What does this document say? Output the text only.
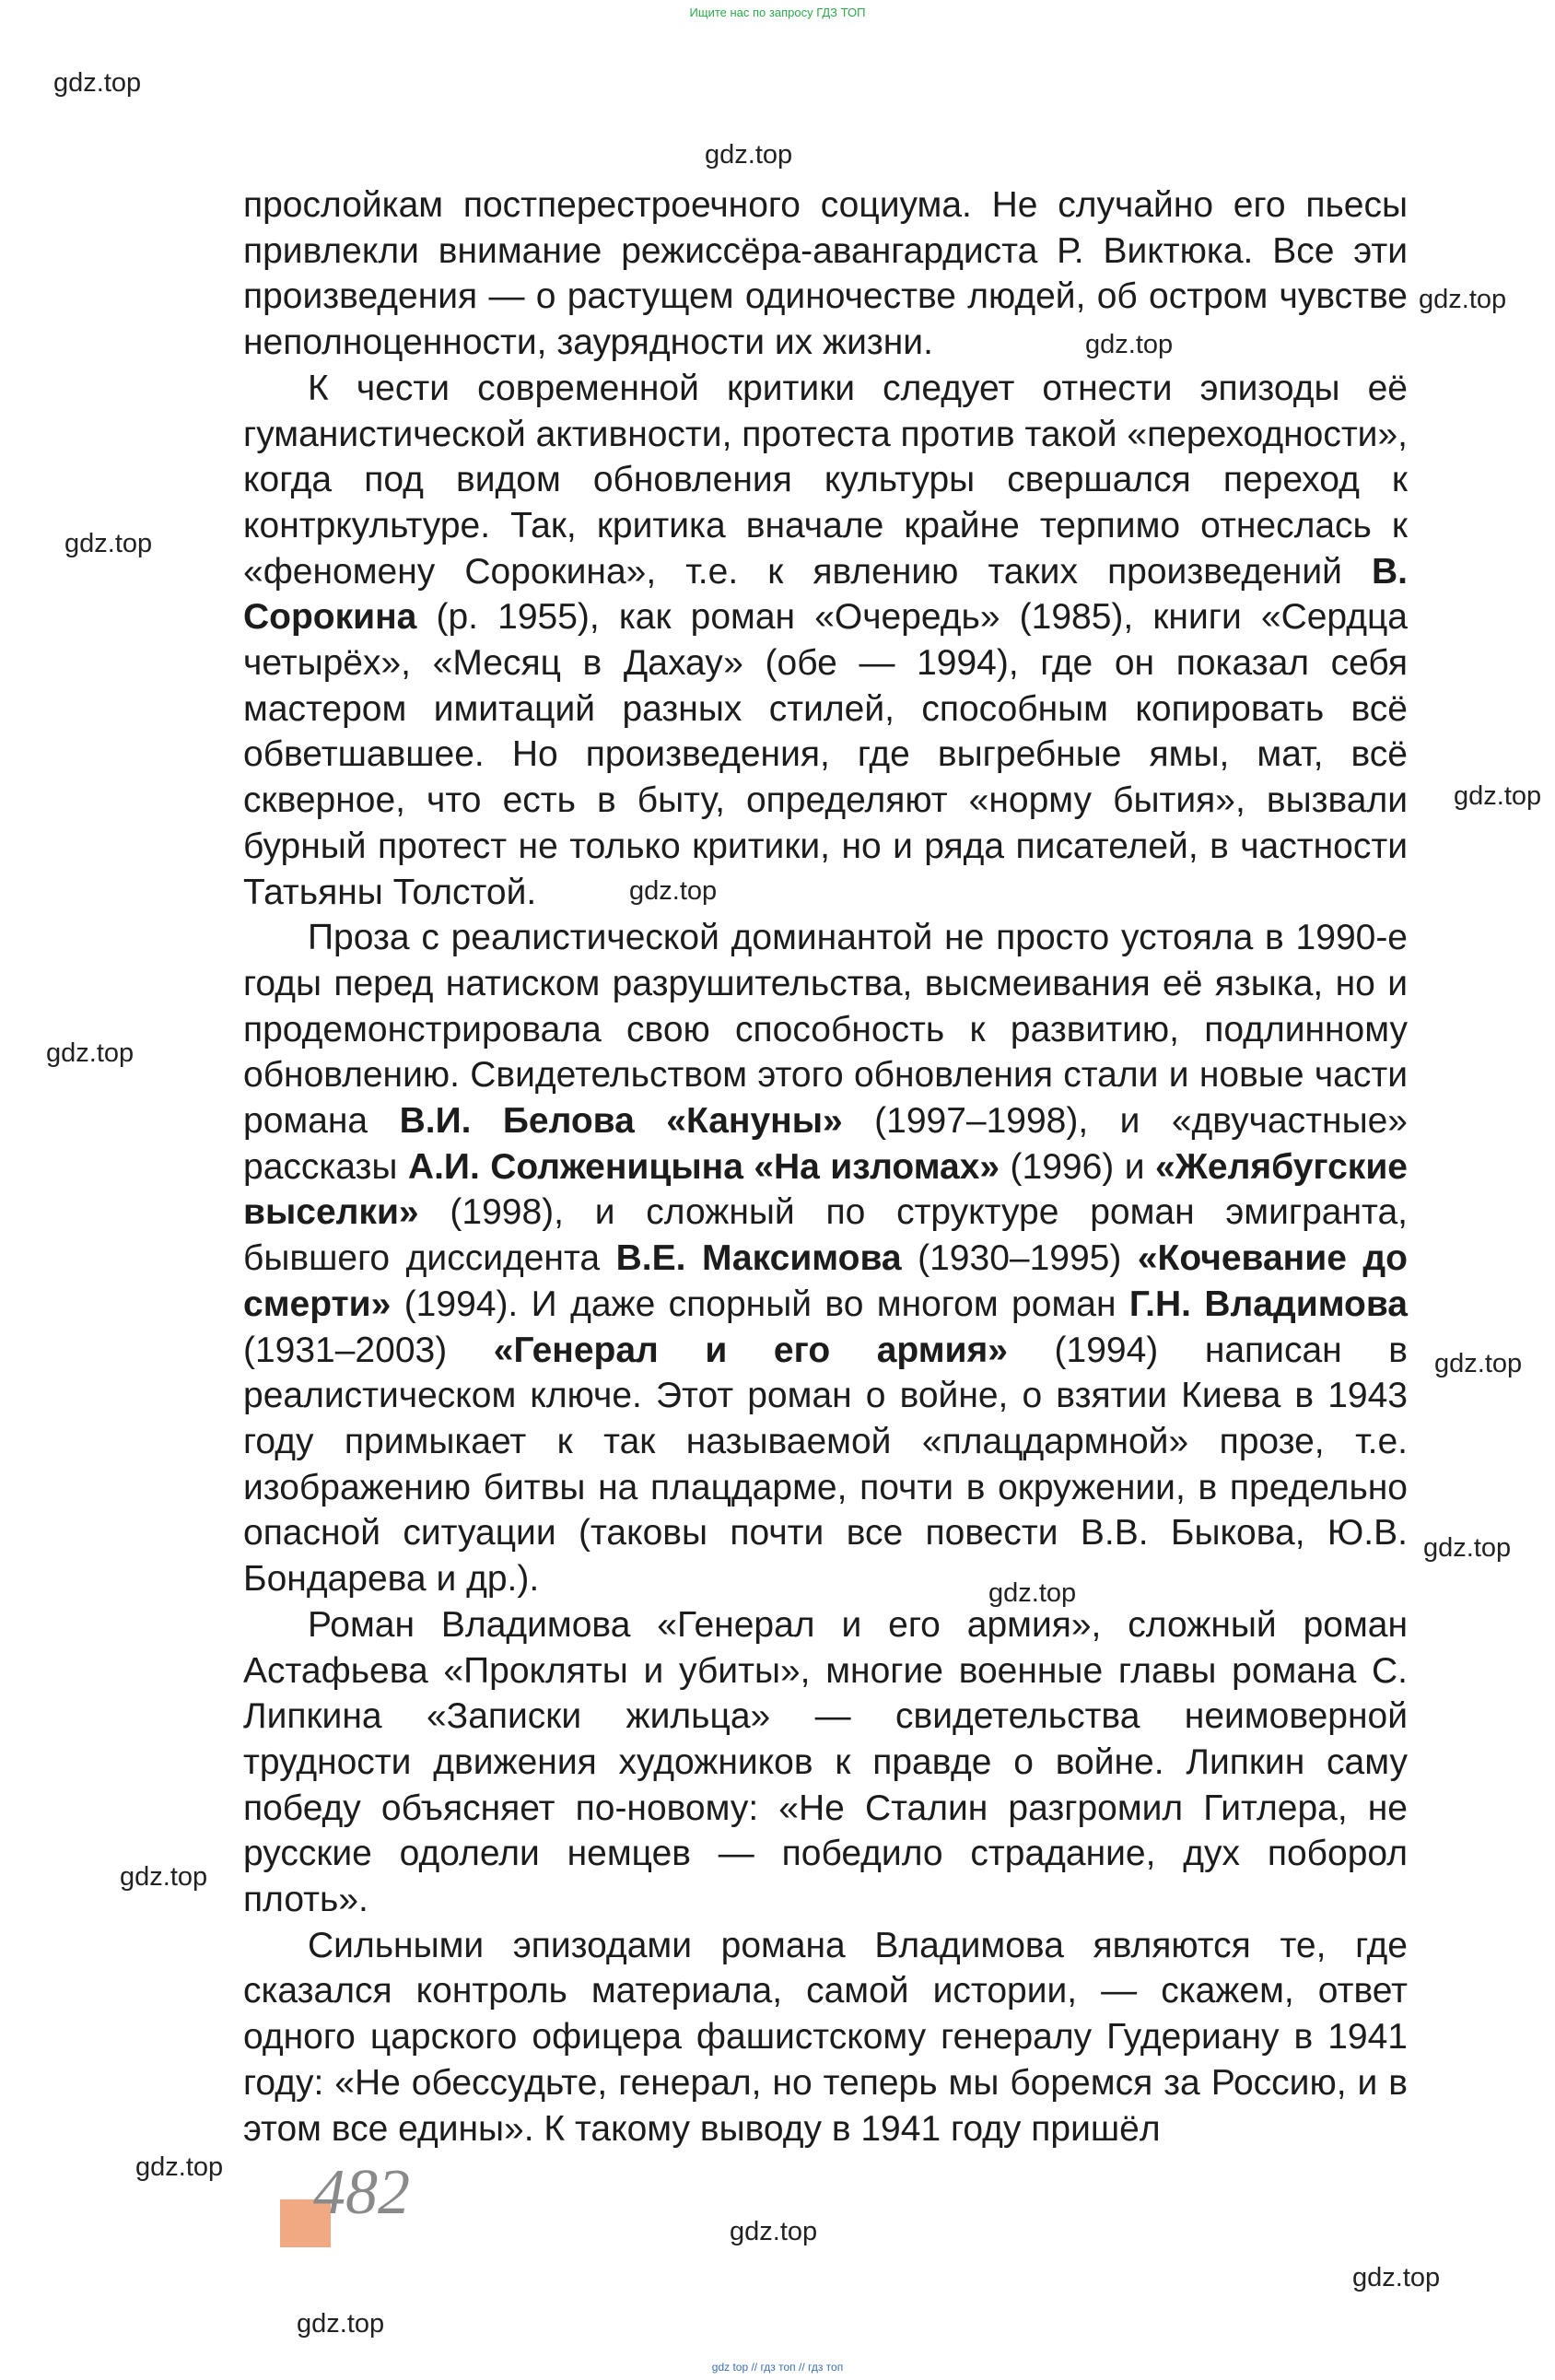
Ищите нас по запросу ГДЗ ТОП
gdz.top
gdz.top
gdz.top
gdz.top
gdz.top
gdz.top
gdz.top
gdz.top
gdz.top
gdz.top
gdz.top
gdz.top
gdz.top
gdz.top
gdz.top
gdz.top

прослойкам постперестроечного социума. Не случайно его пьесы привлекли внимание режиссёра-авангардиста Р. Виктюка. Все эти произведения — о растущем одиночестве людей, об остром чувстве неполноценности, заурядности их жизни.

К чести современной критики следует отнести эпизоды её гуманистической активности, протеста против такой «переходности», когда под видом обновления культуры свершался переход к контркультуре. Так, критика вначале крайне терпимо отнеслась к «феномену Сорокина», т.е. к явлению таких произведений В. Сорокина (р. 1955), как роман «Очередь» (1985), книги «Сердца четырёх», «Месяц в Дахау» (обе — 1994), где он показал себя мастером имитаций разных стилей, способным копировать всё обветшавшее. Но произведения, где выгребные ямы, мат, всё скверное, что есть в быту, определяют «норму бытия», вызвали бурный протест не только критики, но и ряда писателей, в частности Татьяны Толстой.

Проза с реалистической доминантой не просто устояла в 1990-е годы перед натиском разрушительства, высмеивания её языка, но и продемонстрировала свою способность к развитию, подлинному обновлению. Свидетельством этого обновления стали и новые части романа В.И. Белова «Кануны» (1997–1998), и «двучастные» рассказы А.И. Солженицына «На изломах» (1996) и «Желябугские выселки» (1998), и сложный по структуре роман эмигранта, бывшего диссидента В.Е. Максимова (1930–1995) «Кочевание до смерти» (1994). И даже спорный во многом роман Г.Н. Владимова (1931–2003) «Генерал и его армия» (1994) написан в реалистическом ключе. Этот роман о войне, о взятии Киева в 1943 году примыкает к так называемой «плацдармной» прозе, т.е. изображению битвы на плацдарме, почти в окружении, в предельно опасной ситуации (таковы почти все повести В.В. Быкова, Ю.В. Бондарева и др.).

Роман Владимова «Генерал и его армия», сложный роман Астафьева «Прокляты и убиты», многие военные главы романа С. Липкина «Записки жильца» — свидетельства неимоверной трудности движения художников к правде о войне. Липкин саму победу объясняет по-новому: «Не Сталин разгромил Гитлера, не русские одолели немцев — победило страдание, дух поборол плоть».

Сильными эпизодами романа Владимова являются те, где сказался контроль материала, самой истории, — скажем, ответ одного царского офицера фашистскому генералу Гудериану в 1941 году: «Не обессудьте, генерал, но теперь мы боремся за Россию, и в этом все едины». К такому выводу в 1941 году пришёл

482
gdz top // гдз топ // гдз топ
